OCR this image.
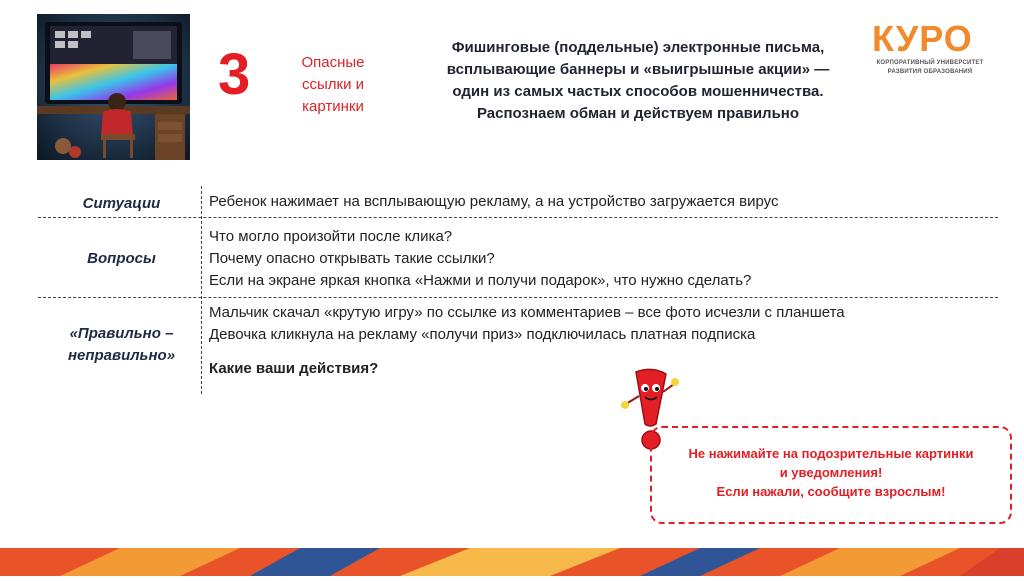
3	Опасные ссылки и картинки
Фишинговые (поддельные) электронные письма,
всплывающие баннеры и «выигрышные акции» —
один из самых частых способов мошенничества.
Распознаем обман и действуем правильно
КУРО
КОРПОРАТИВНЫЙ УНИВЕРСИТЕТ
РАЗВИТИЯ ОБРАЗОВАНИЯ
Ситуации	Ребенок нажимает на всплывающую рекламу, а на устройство загружается вирус
Вопросы
Что могло произойти после клика?
Почему опасно открывать такие ссылки?
Если на экране яркая кнопка «Нажми и получи подарок», что нужно сделать?
«Правильно –
неправильно»
Мальчик скачал «крутую игру» по ссылке из комментариев – все фото исчезли с планшета
Девочка кликнула на рекламу «получи приз» подключилась платная подписка
Какие ваши действия?
Не нажимайте на подозрительные картинки
и уведомления!
Если нажали, сообщите взрослым!
